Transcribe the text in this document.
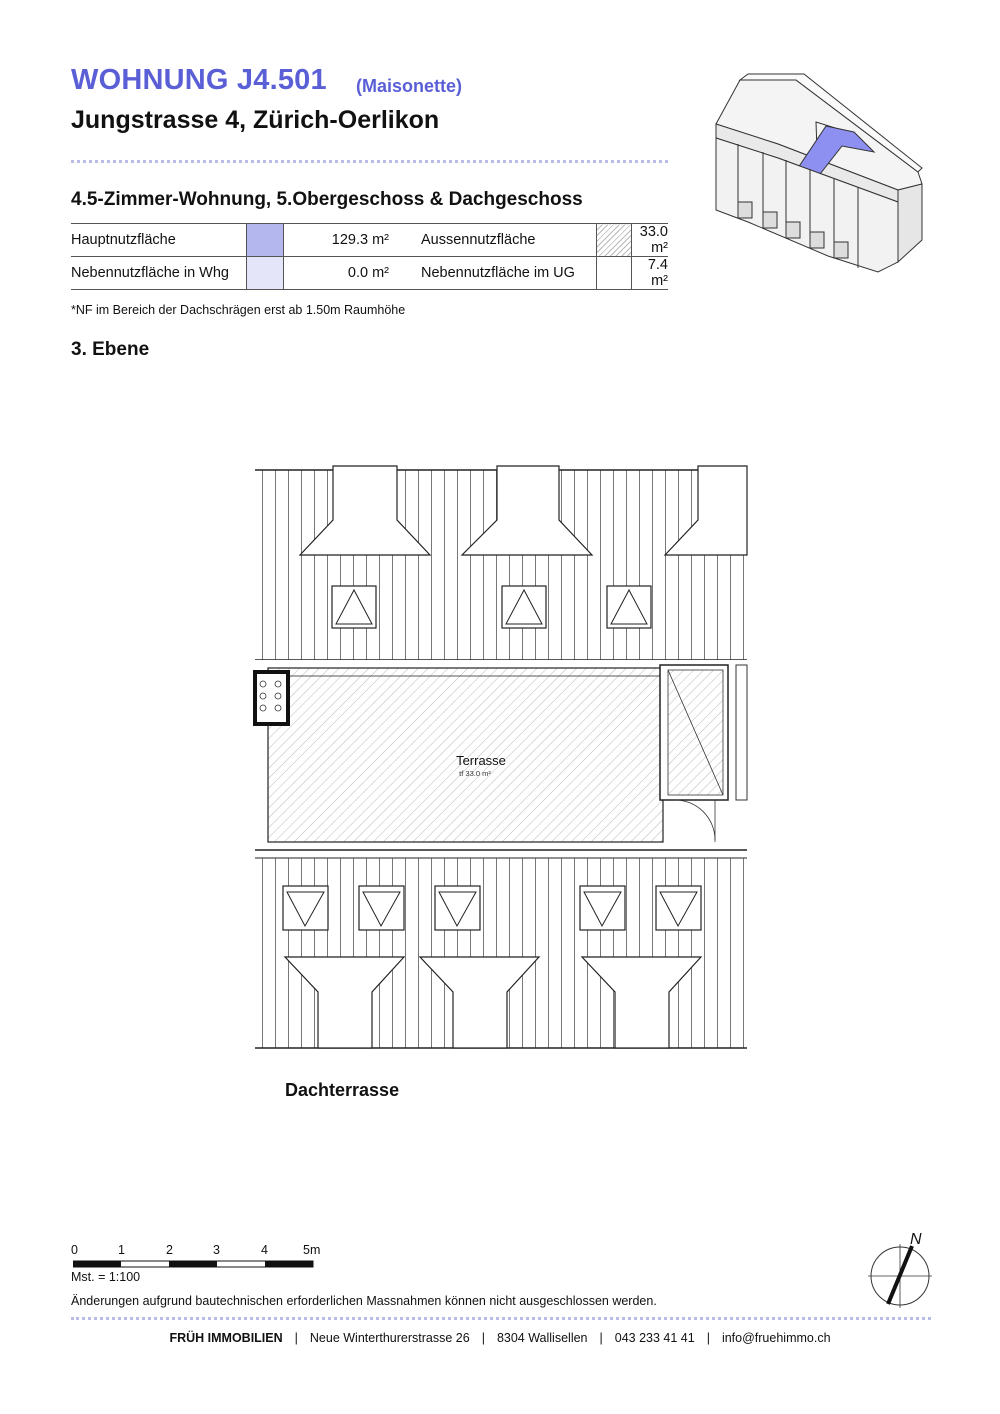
WOHNUNG J4.501 (Maisonette)
Jungstrasse 4, Zürich-Oerlikon
4.5-Zimmer-Wohnung, 5.Obergeschoss & Dachgeschoss
Hauptnutzfläche		129.3 m²		Aussennutzfläche		33.0 m²
Nebennutzfläche in Whg		0.0 m²		Nebennutzfläche im UG		7.4 m²
*NF im Bereich der Dachschrägen erst ab 1.50m Raumhöhe
3. Ebene
Terrasse
tf 33.0 m²
Dachterrasse
0	1	2	3	4	5m
Mst. = 1:100
N
Änderungen aufgrund bautechnischen erforderlichen Massnahmen können nicht ausgeschlossen werden.
FRÜH IMMOBILIEN | Neue Winterthurerstrasse 26 | 8304 Wallisellen | 043 233 41 41 | info@fruehimmo.ch
